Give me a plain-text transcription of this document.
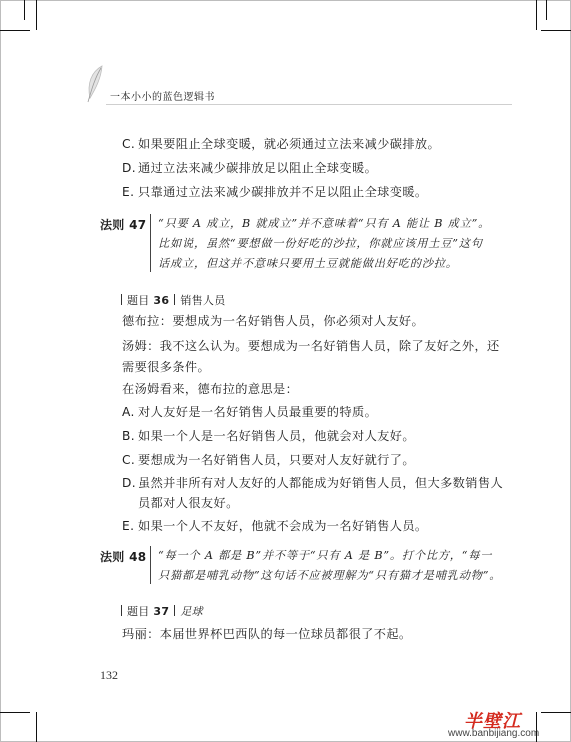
一本小小的蓝色逻辑书
C. 如果要阻止全球变暖，就必须通过立法来减少碳排放。
D. 通过立法来减少碳排放足以阻止全球变暖。
E. 只靠通过立法来减少碳排放并不足以阻止全球变暖。
法则 47 “只要 A 成立，B 就成立”并不意味着“只有 A 能让 B 成立”。
比如说，虽然“要想做一份好吃的沙拉，你就应该用土豆”这句
话成立，但这并不意味只要用土豆就能做出好吃的沙拉。
题目 36 销售人员
德布拉：要想成为一名好销售人员，你必须对人友好。
汤姆：我不这么认为。要想成为一名好销售人员，除了友好之外，还
需要很多条件。
在汤姆看来，德布拉的意思是：
A. 对人友好是一名好销售人员最重要的特质。
B. 如果一个人是一名好销售人员，他就会对人友好。
C. 要想成为一名好销售人员，只要对人友好就行了。
D. 虽然并非所有对人友好的人都能成为好销售人员，但大多数销售人
员都对人很友好。
E. 如果一个人不友好，他就不会成为一名好销售人员。
法则 48 “每一个 A 都是 B”并不等于“只有 A 是 B”。打个比方，“每一
只猫都是哺乳动物”这句话不应被理解为“只有猫才是哺乳动物”。
题目 37 足球
玛丽：本届世界杯巴西队的每一位球员都很了不起。
132
半壁江
www.banbijiang.com
